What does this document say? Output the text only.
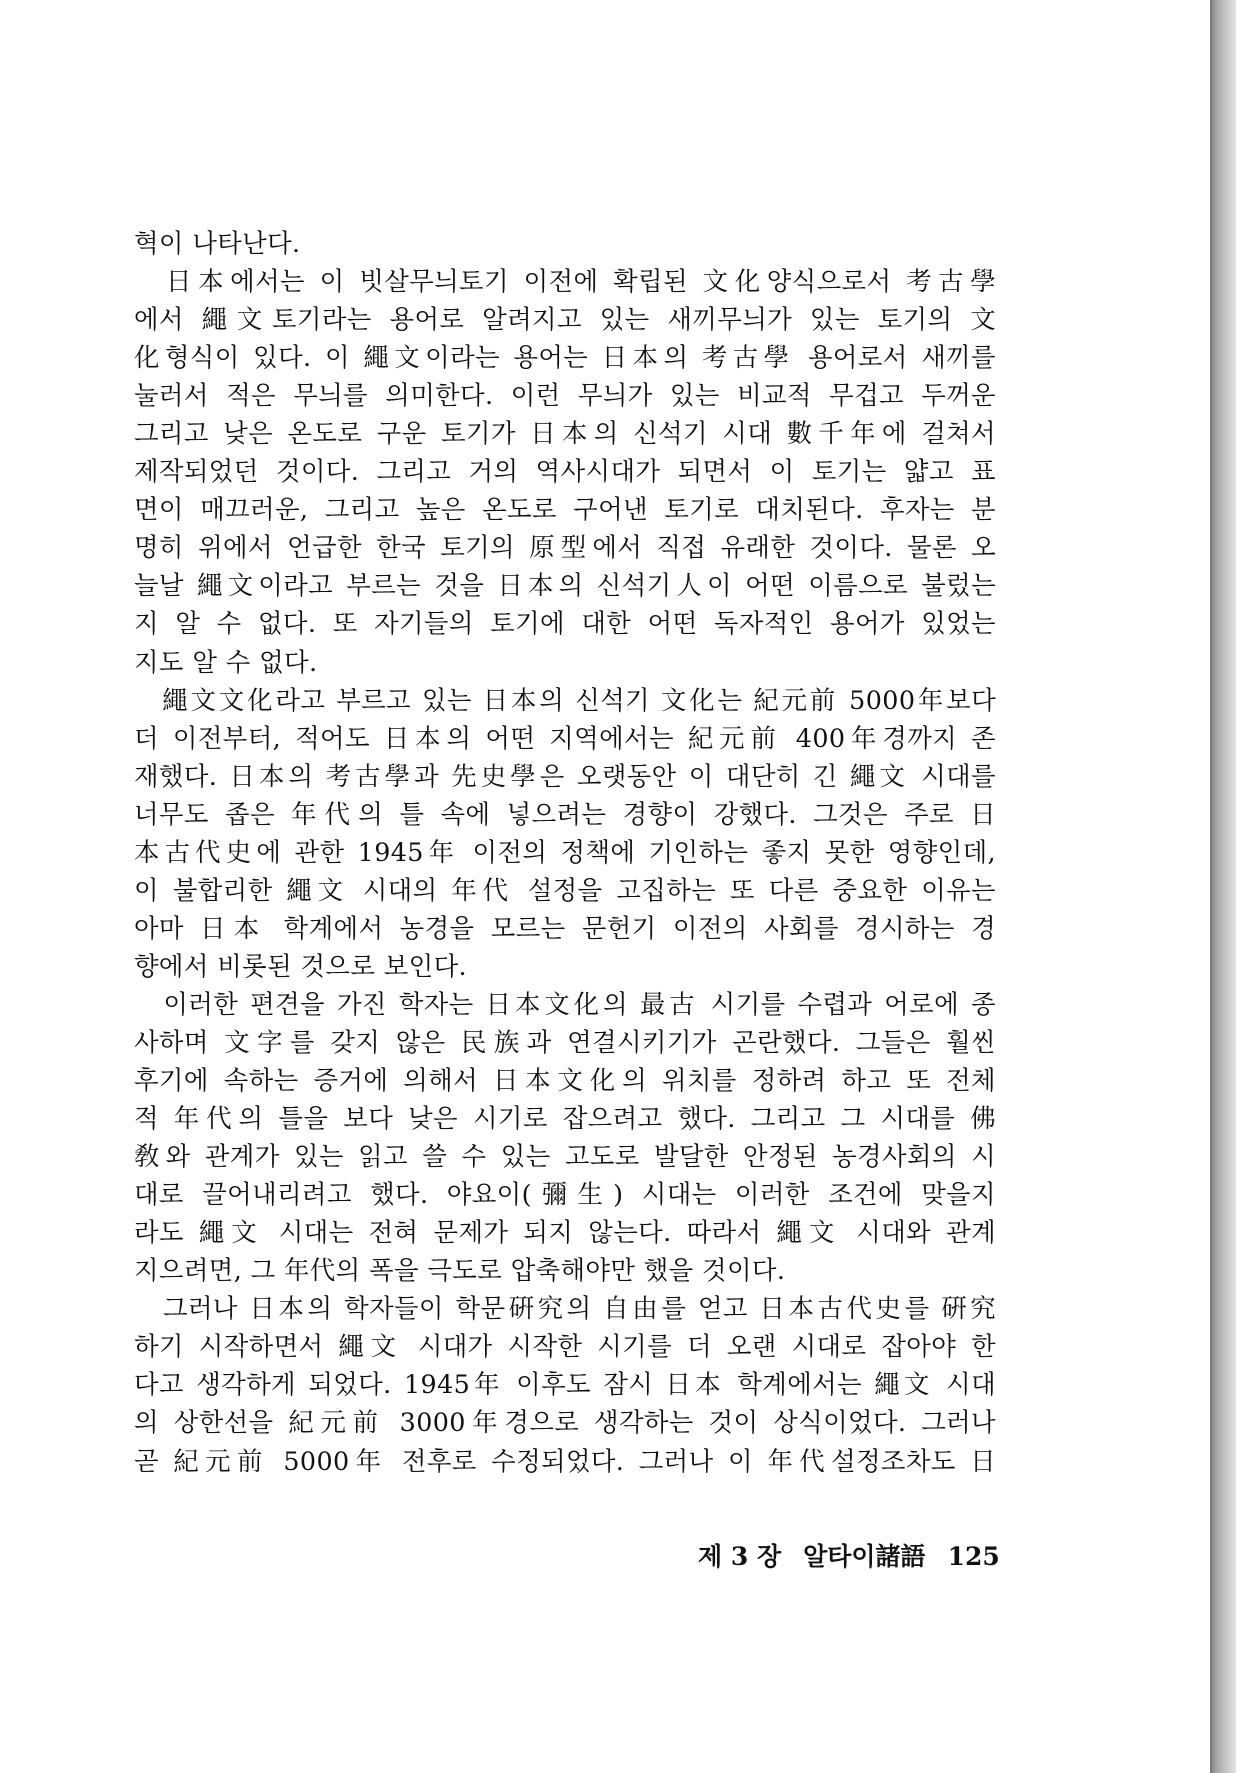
혁이 나타난다.
　日本에서는 이 빗살무늬토기 이전에 확립된 文化양식으로서 考古學
에서 繩文토기라는 용어로 알려지고 있는 새끼무늬가 있는 토기의 文
化형식이 있다. 이 繩文이라는 용어는 日本의 考古學 용어로서 새끼를
눌러서 적은 무늬를 의미한다. 이런 무늬가 있는 비교적 무겁고 두꺼운
그리고 낮은 온도로 구운 토기가 日本의 신석기 시대 數千年에 걸쳐서
제작되었던 것이다. 그리고 거의 역사시대가 되면서 이 토기는 얇고 표
면이 매끄러운, 그리고 높은 온도로 구어낸 토기로 대치된다. 후자는 분
명히 위에서 언급한 한국 토기의 原型에서 직접 유래한 것이다. 물론 오
늘날 繩文이라고 부르는 것을 日本의 신석기人이 어떤 이름으로 불렀는
지 알 수 없다. 또 자기들의 토기에 대한 어떤 독자적인 용어가 있었는
지도 알 수 없다.
　繩文文化라고 부르고 있는 日本의 신석기 文化는 紀元前 5000年보다
더 이전부터, 적어도 日本의 어떤 지역에서는 紀元前 400年경까지 존
재했다. 日本의 考古學과 先史學은 오랫동안 이 대단히 긴 繩文 시대를
너무도 좁은 年代의 틀 속에 넣으려는 경향이 강했다. 그것은 주로 日
本古代史에 관한 1945年 이전의 정책에 기인하는 좋지 못한 영향인데,
이 불합리한 繩文 시대의 年代 설정을 고집하는 또 다른 중요한 이유는
아마 日本 학계에서 농경을 모르는 문헌기 이전의 사회를 경시하는 경
향에서 비롯된 것으로 보인다.
　이러한 편견을 가진 학자는 日本文化의 最古 시기를 수렵과 어로에 종
사하며 文字를 갖지 않은 民族과 연결시키기가 곤란했다. 그들은 훨씬
후기에 속하는 증거에 의해서 日本文化의 위치를 정하려 하고 또 전체
적 年代의 틀을 보다 낮은 시기로 잡으려고 했다. 그리고 그 시대를 佛
敎와 관계가 있는 읽고 쓸 수 있는 고도로 발달한 안정된 농경사회의 시
대로 끌어내리려고 했다. 야요이(彌生) 시대는 이러한 조건에 맞을지
라도 繩文 시대는 전혀 문제가 되지 않는다. 따라서 繩文 시대와 관계
지으려면, 그 年代의 폭을 극도로 압축해야만 했을 것이다.
　그러나 日本의 학자들이 학문硏究의 自由를 얻고 日本古代史를 硏究
하기 시작하면서 繩文 시대가 시작한 시기를 더 오랜 시대로 잡아야 한
다고 생각하게 되었다. 1945年 이후도 잠시 日本 학계에서는 繩文 시대
의 상한선을 紀元前 3000年경으로 생각하는 것이 상식이었다. 그러나
곧 紀元前 5000年 전후로 수정되었다. 그러나 이 年代설정조차도 日
제 3 장 알타이諸語 125
